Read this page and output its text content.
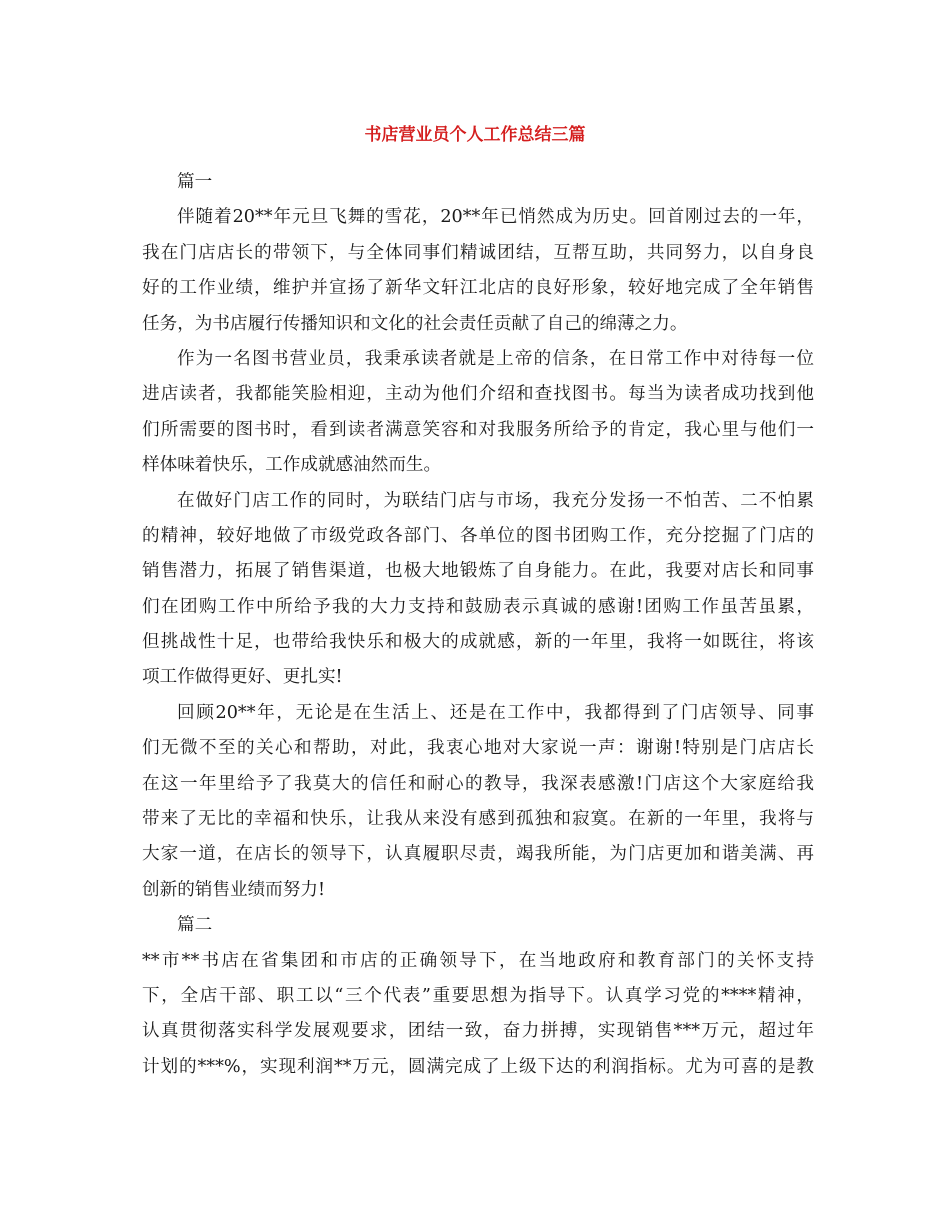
书店营业员个人工作总结三篇
篇一
伴随着20**年元旦飞舞的雪花，20**年已悄然成为历史。回首刚过去的一年，
我在门店店长的带领下，与全体同事们精诚团结，互帮互助，共同努力，以自身良
好的工作业绩，维护并宣扬了新华文轩江北店的良好形象，较好地完成了全年销售
任务，为书店履行传播知识和文化的社会责任贡献了自己的绵薄之力。
作为一名图书营业员，我秉承读者就是上帝的信条，在日常工作中对待每一位
进店读者，我都能笑脸相迎，主动为他们介绍和查找图书。每当为读者成功找到他
们所需要的图书时，看到读者满意笑容和对我服务所给予的肯定，我心里与他们一
样体味着快乐，工作成就感油然而生。
在做好门店工作的同时，为联结门店与市场，我充分发扬一不怕苦、二不怕累
的精神，较好地做了市级党政各部门、各单位的图书团购工作，充分挖掘了门店的
销售潜力，拓展了销售渠道，也极大地锻炼了自身能力。在此，我要对店长和同事
们在团购工作中所给予我的大力支持和鼓励表示真诚的感谢!团购工作虽苦虽累，
但挑战性十足，也带给我快乐和极大的成就感，新的一年里，我将一如既往，将该
项工作做得更好、更扎实!
回顾20**年，无论是在生活上、还是在工作中，我都得到了门店领导、同事
们无微不至的关心和帮助，对此，我衷心地对大家说一声：谢谢!特别是门店店长
在这一年里给予了我莫大的信任和耐心的教导，我深表感激!门店这个大家庭给我
带来了无比的幸福和快乐，让我从来没有感到孤独和寂寞。在新的一年里，我将与
大家一道，在店长的领导下，认真履职尽责，竭我所能，为门店更加和谐美满、再
创新的销售业绩而努力!
篇二
**市**书店在省集团和市店的正确领导下，在当地政府和教育部门的关怀支持
下，全店干部、职工以“三个代表”重要思想为指导下。认真学习党的****精神，
认真贯彻落实科学发展观要求，团结一致，奋力拼搏，实现销售***万元，超过年
计划的***%，实现利润**万元，圆满完成了上级下达的利润指标。尤为可喜的是教
